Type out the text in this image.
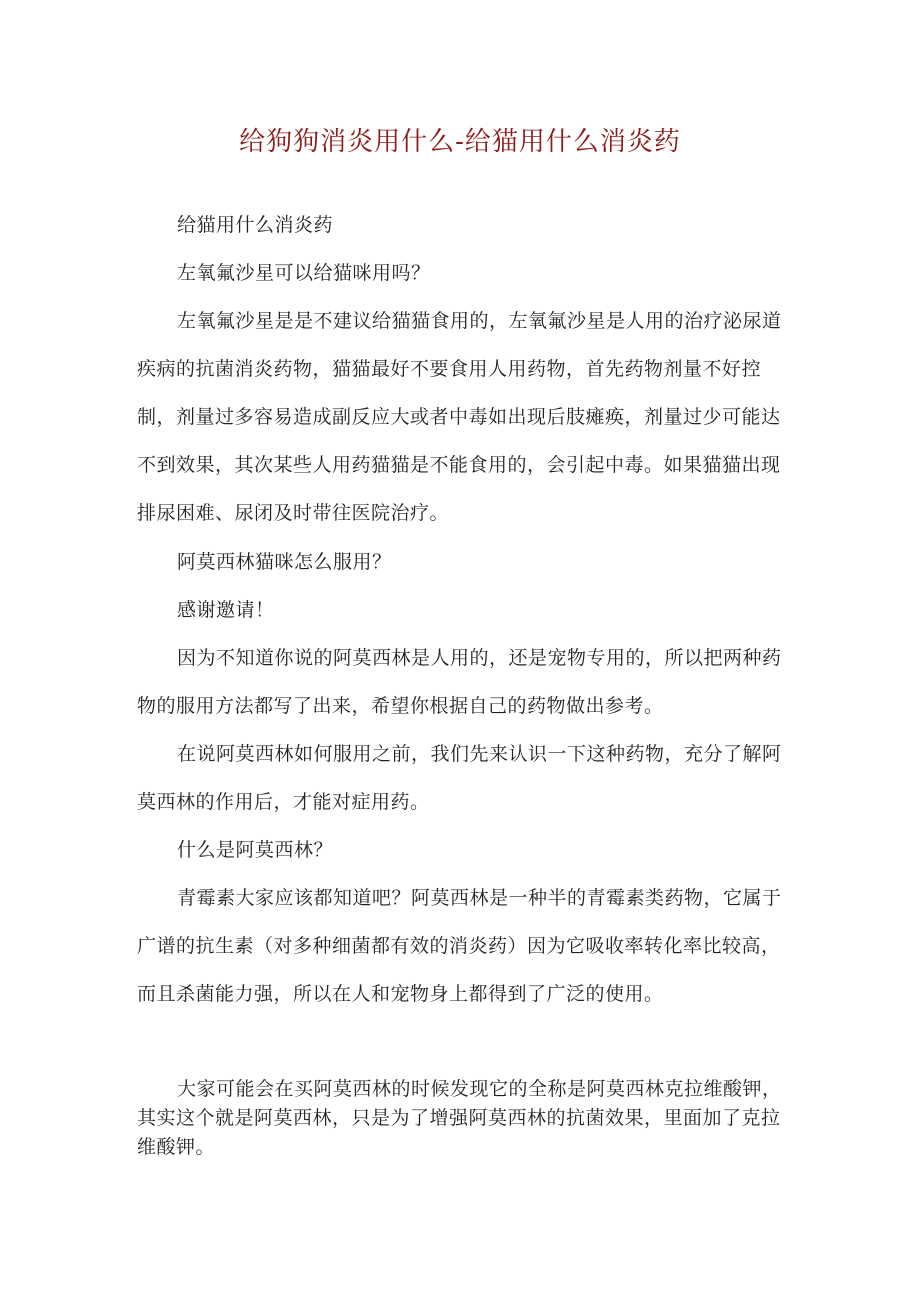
给狗狗消炎用什么-给猫用什么消炎药

给猫用什么消炎药

左氧氟沙星可以给猫咪用吗？

左氧氟沙星是是不建议给猫猫食用的，左氧氟沙星是人用的治疗泌尿道疾病的抗菌消炎药物，猫猫最好不要食用人用药物，首先药物剂量不好控制，剂量过多容易造成副反应大或者中毒如出现后肢瘫痪，剂量过少可能达不到效果，其次某些人用药猫猫是不能食用的，会引起中毒。如果猫猫出现排尿困难、尿闭及时带往医院治疗。

阿莫西林猫咪怎么服用？

感谢邀请！

因为不知道你说的阿莫西林是人用的，还是宠物专用的，所以把两种药物的服用方法都写了出来，希望你根据自己的药物做出参考。

在说阿莫西林如何服用之前，我们先来认识一下这种药物，充分了解阿莫西林的作用后，才能对症用药。

什么是阿莫西林？

青霉素大家应该都知道吧？阿莫西林是一种半的青霉素类药物，它属于广谱的抗生素（对多种细菌都有效的消炎药）因为它吸收率转化率比较高，而且杀菌能力强，所以在人和宠物身上都得到了广泛的使用。

大家可能会在买阿莫西林的时候发现它的全称是阿莫西林克拉维酸钾，其实这个就是阿莫西林，只是为了增强阿莫西林的抗菌效果，里面加了克拉维酸钾。
